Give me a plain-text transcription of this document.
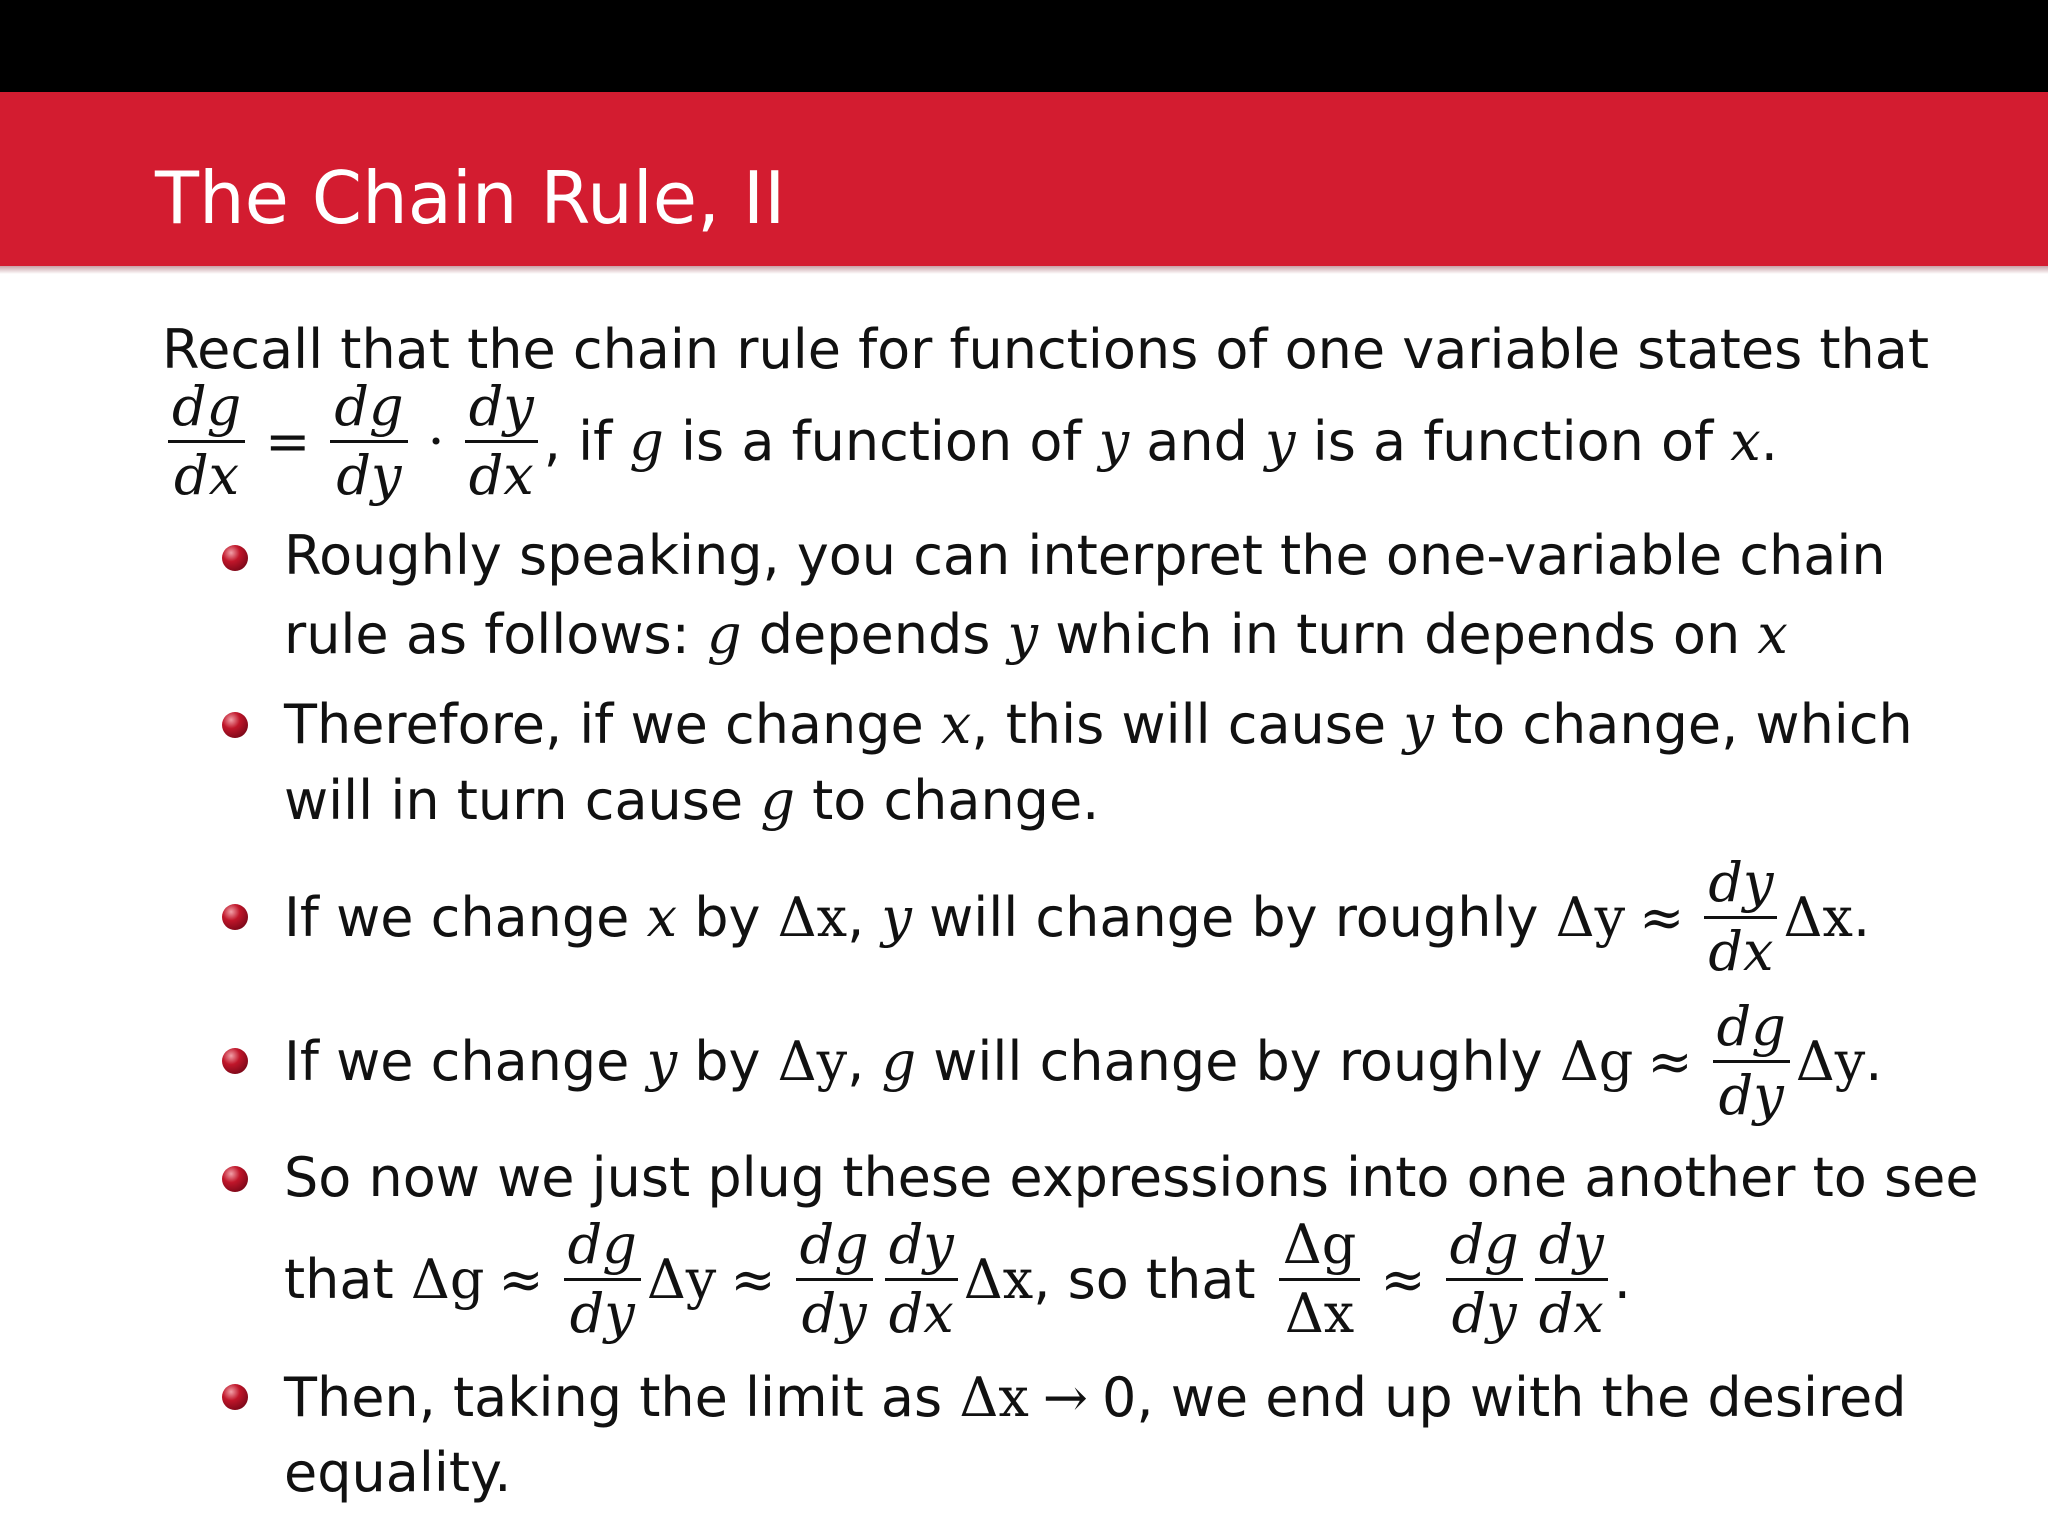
The Chain Rule, II
Recall that the chain rule for functions of one variable states that
$\frac{dg}{dx} = \frac{dg}{dy} \cdot \frac{dy}{dx}$ , if
g
is a function of
y
and
y
is a function of
x .
Roughly speaking, you can interpret the one-variable chain
rule as follows:
g
depends
y
which in turn depends on
x
Therefore, if we change
x , this will cause
y
to change, which
will in turn cause
g
to change.
If we change
x
by
Δx ,
y
will change by roughly
$\Delta y \approx \frac{dy}{dx}$ Δx .
If we change
y
by
Δy ,
g
will change by roughly
$\Delta g \approx \frac{dg}{dy}$ Δy .
So now we just plug these expressions into one another to see
that
$\Delta g \approx \frac{dg}{dy}$ $\Delta y \approx \frac{dg}{dy} \frac{dy}{dx}$ Δx , so that
$\frac{\Delta g}{\Delta x} \approx \frac{dg}{dy} \frac{dy}{dx}$ .
Then, taking the limit as
Δx → 0, we end up with the desired
equality.
